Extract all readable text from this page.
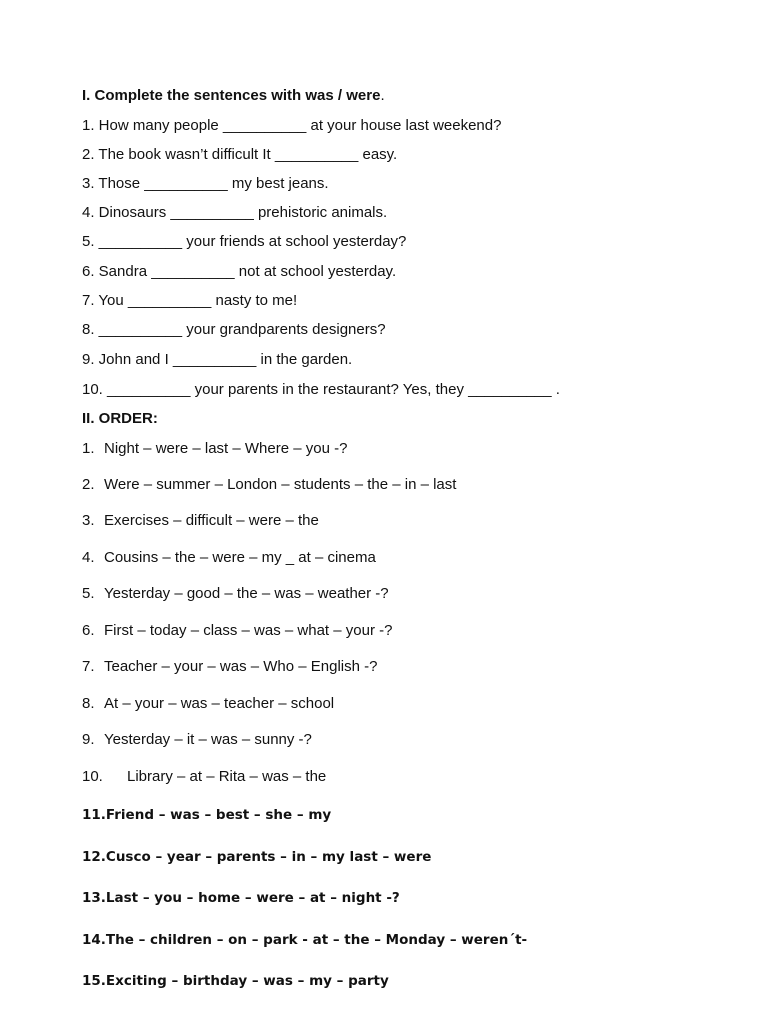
I. Complete the sentences with was / were.
1. How many people __________ at your house last weekend?
2. The book wasn’t difficult It __________ easy.
3. Those __________ my best jeans.
4. Dinosaurs __________ prehistoric animals.
5. __________ your friends at school yesterday?
6. Sandra __________ not at school yesterday.
7. You __________ nasty to me!
8. __________ your grandparents designers?
9. John and I __________ in the garden.
10. __________ your parents in the restaurant? Yes, they __________ .
II. ORDER:
1. Night – were – last – Where – you -?
2. Were – summer – London – students – the – in – last
3. Exercises – difficult – were – the
4. Cousins – the – were – my _ at – cinema
5. Yesterday – good – the – was – weather -?
6. First – today – class – was – what – your -?
7. Teacher – your – was – Who – English -?
8. At – your – was – teacher – school
9. Yesterday – it – was – sunny -?
10. Library – at – Rita – was – the
11.Friend – was – best – she – my
12.Cusco – year – parents – in – my last – were
13.Last – you – home – were – at – night -?
14.The – children – on – park - at – the – Monday – weren´t-
15.Exciting – birthday – was – my – party
